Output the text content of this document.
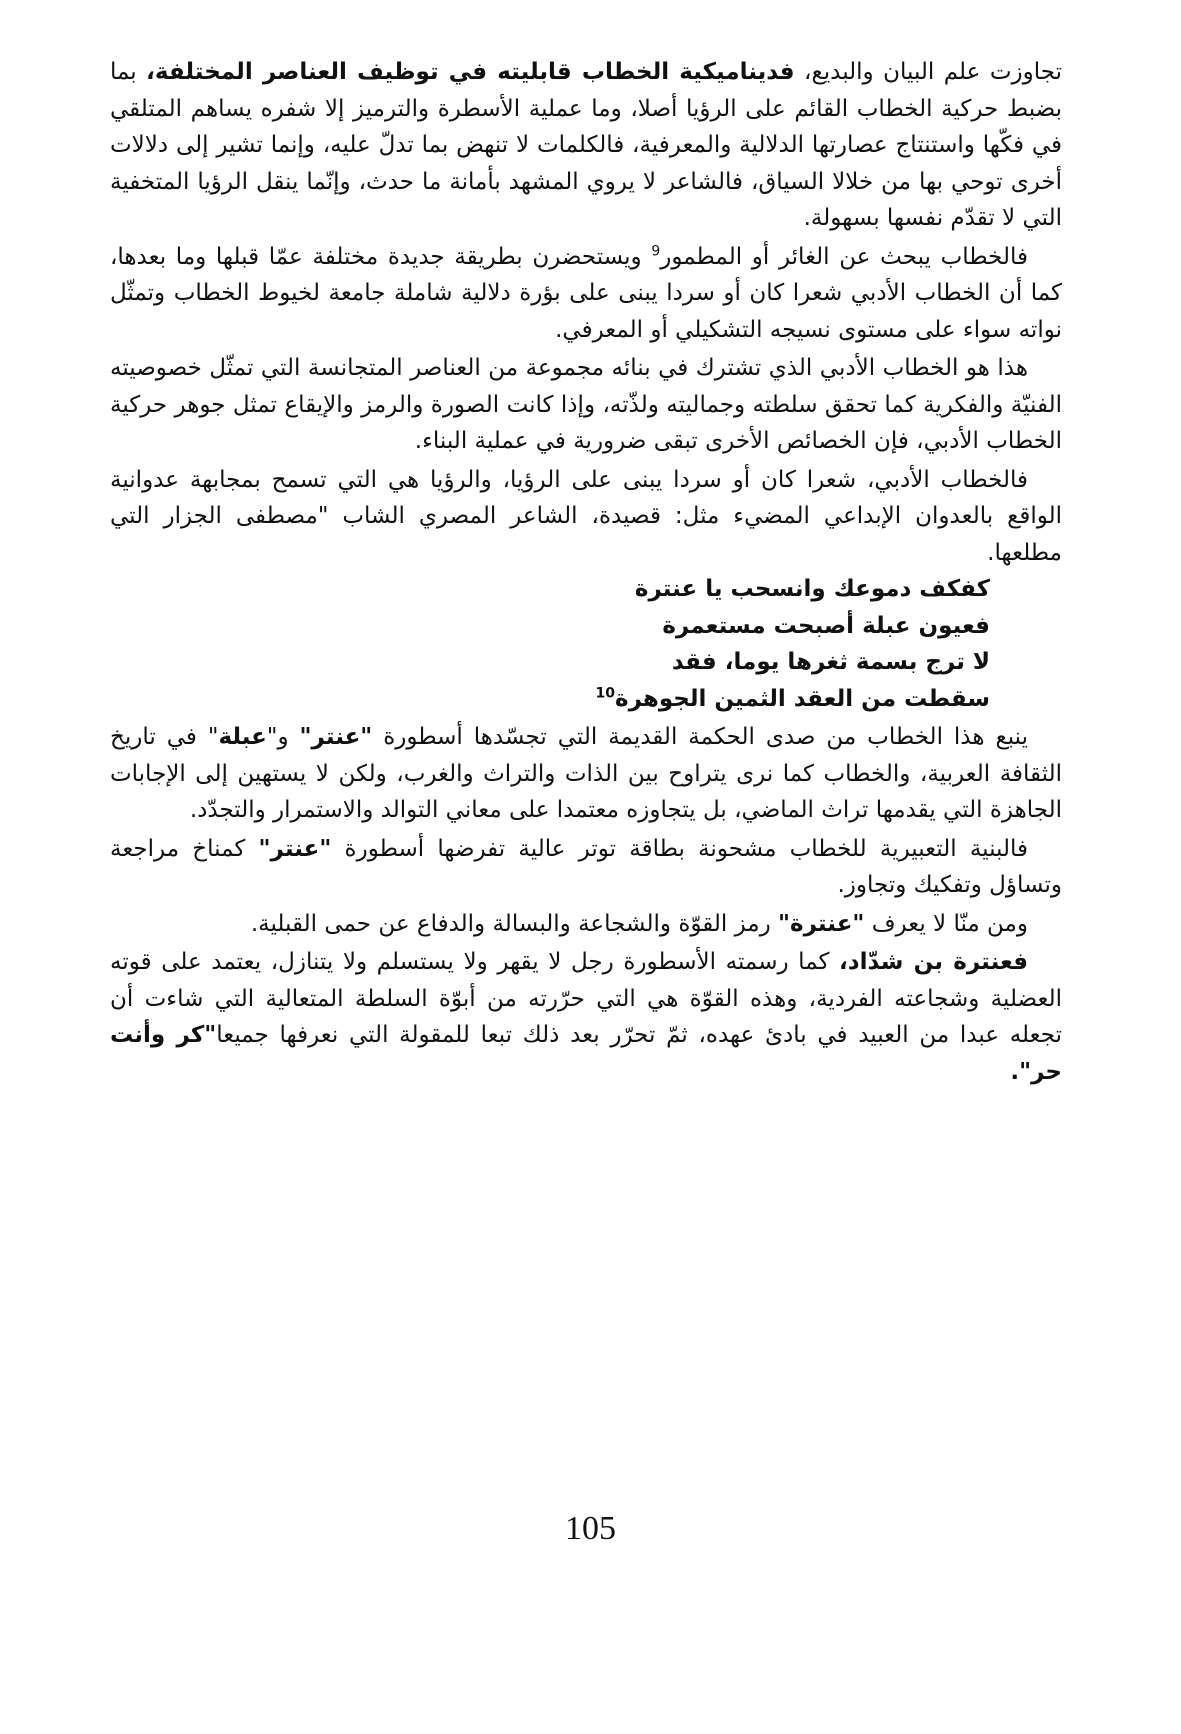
تجاوزت علم البيان والبديع، فديناميكية الخطاب قابليته في توظيف العناصر المختلفة، بما بضبط حركية الخطاب القائم على الرؤيا أصلا، وما عملية الأسطرة والترميز إلا شفره يساهم المتلقي في فكّها واستنتاج عصارتها الدلالية والمعرفية، فالكلمات لا تنهض بما تدلّ عليه، وإنما تشير إلى دلالات أخرى توحي بها من خلالا السياق، فالشاعر لا يروي المشهد بأمانة ما حدث، وإنّما ينقل الرؤيا المتخفية التي لا تقدّم نفسها بسهولة.

فالخطاب يبحث عن الغائر أو المطمور$^9$ ويستحضرن بطريقة جديدة مختلفة عمّا قبلها وما بعدها، كما أن الخطاب الأدبي شعرا كان أو سردا يبنى على بؤرة دلالية شاملة جامعة لخيوط الخطاب وتمثّل نواته سواء على مستوى نسيجه التشكيلي أو المعرفي.

هذا هو الخطاب الأدبي الذي تشترك في بنائه مجموعة من العناصر المتجانسة التي تمثّل خصوصيته الفنيّة والفكرية كما تحقق سلطته وجماليته ولذّته، وإذا كانت الصورة والرمز والإيقاع تمثل جوهر حركية الخطاب الأدبي، فإن الخصائص الأخرى تبقى ضرورية في عملية البناء.

فالخطاب الأدبي، شعرا كان أو سردا يبنى على الرؤيا، والرؤيا هي التي تسمح بمجابهة عدوانية الواقع بالعدوان الإبداعي المضيء مثل: قصيدة، الشاعر المصري الشاب "مصطفى الجزار التي مطلعها.

كفكف دموعك وانسحب يا عنترة
فعيون عبلة أصبحت مستعمرة
لا ترج بسمة ثغرها يوما، فقد
سقطت من العقد الثمين الجوهرة$^{10}$

ينبع هذا الخطاب من صدى الحكمة القديمة التي تجسّدها أسطورة "عنتر" و"عبلة" في تاريخ الثقافة العربية، والخطاب كما نرى يتراوح بين الذات والتراث والغرب، ولكن لا يستهين إلى الإجابات الجاهزة التي يقدمها تراث الماضي، بل يتجاوزه معتمدا على معاني التوالد والاستمرار والتجدّد.

فالبنية التعبيرية للخطاب مشحونة بطاقة توتر عالية تفرضها أسطورة "عنتر" كمناخ مراجعة وتساؤل وتفكيك وتجاوز.

ومن منّا لا يعرف "عنترة" رمز القوّة والشجاعة والبسالة والدفاع عن حمى القبلية.

فعنترة بن شدّاد، كما رسمته الأسطورة رجل لا يقهر ولا يستسلم ولا يتنازل، يعتمد على قوته العضلية وشجاعته الفردية، وهذه القوّة هي التي حرّرته من أبوّة السلطة المتعالية التي شاءت أن تجعله عبدا من العبيد في بادئ عهده، ثمّ تحرّر بعد ذلك تبعا للمقولة التي نعرفها جميعا"كر وأنت حر".

105
